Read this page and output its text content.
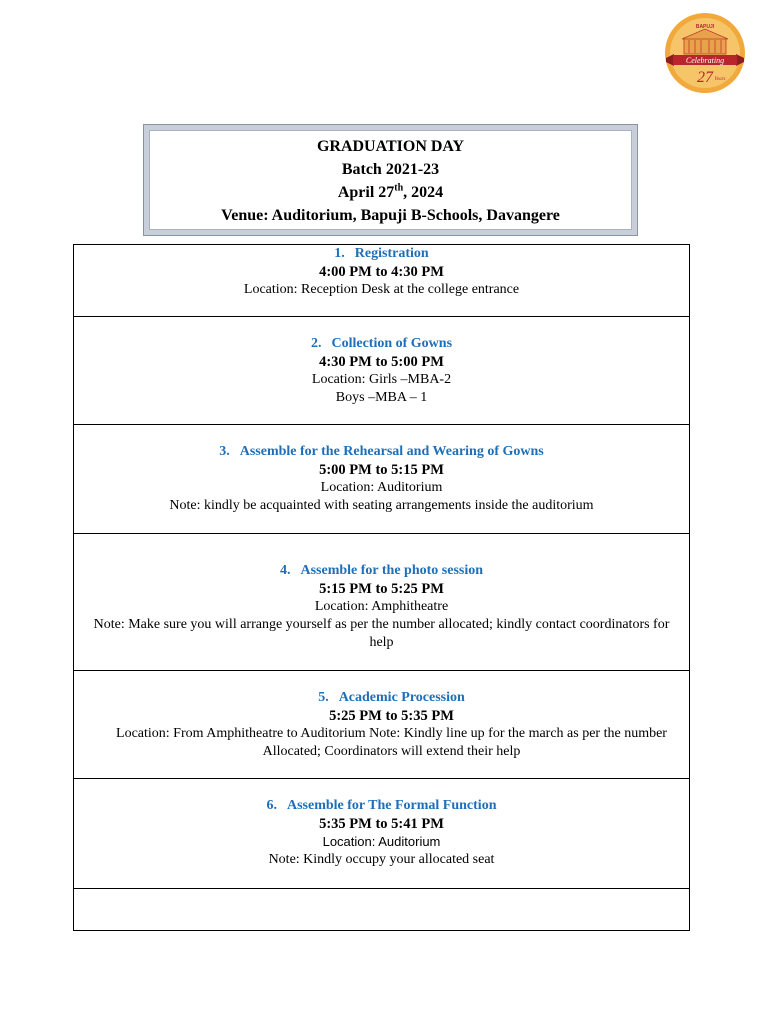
Celebrating
27 Years
BAPUJI
GRADUATION DAY
Batch 2021-23
April 27th, 2024
Venue: Auditorium, Bapuji B-Schools, Davangere
1. Registration
4:00 PM to 4:30 PM
Location: Reception Desk at the college entrance
2. Collection of Gowns
4:30 PM to 5:00 PM
Location: Girls –MBA-2
Boys –MBA – 1
3. Assemble for the Rehearsal and Wearing of Gowns
5:00 PM to 5:15 PM
Location: Auditorium
Note: kindly be acquainted with seating arrangements inside the auditorium
4. Assemble for the photo session
5:15 PM to 5:25 PM
Location: Amphitheatre
Note: Make sure you will arrange yourself as per the number allocated; kindly contact coordinators for help
5. Academic Procession
5:25 PM to 5:35 PM
Location: From Amphitheatre to Auditorium Note: Kindly line up for the march as per the number Allocated; Coordinators will extend their help
6. Assemble for The Formal Function
5:35 PM to 5:41 PM
Location: Auditorium
Note: Kindly occupy your allocated seat
